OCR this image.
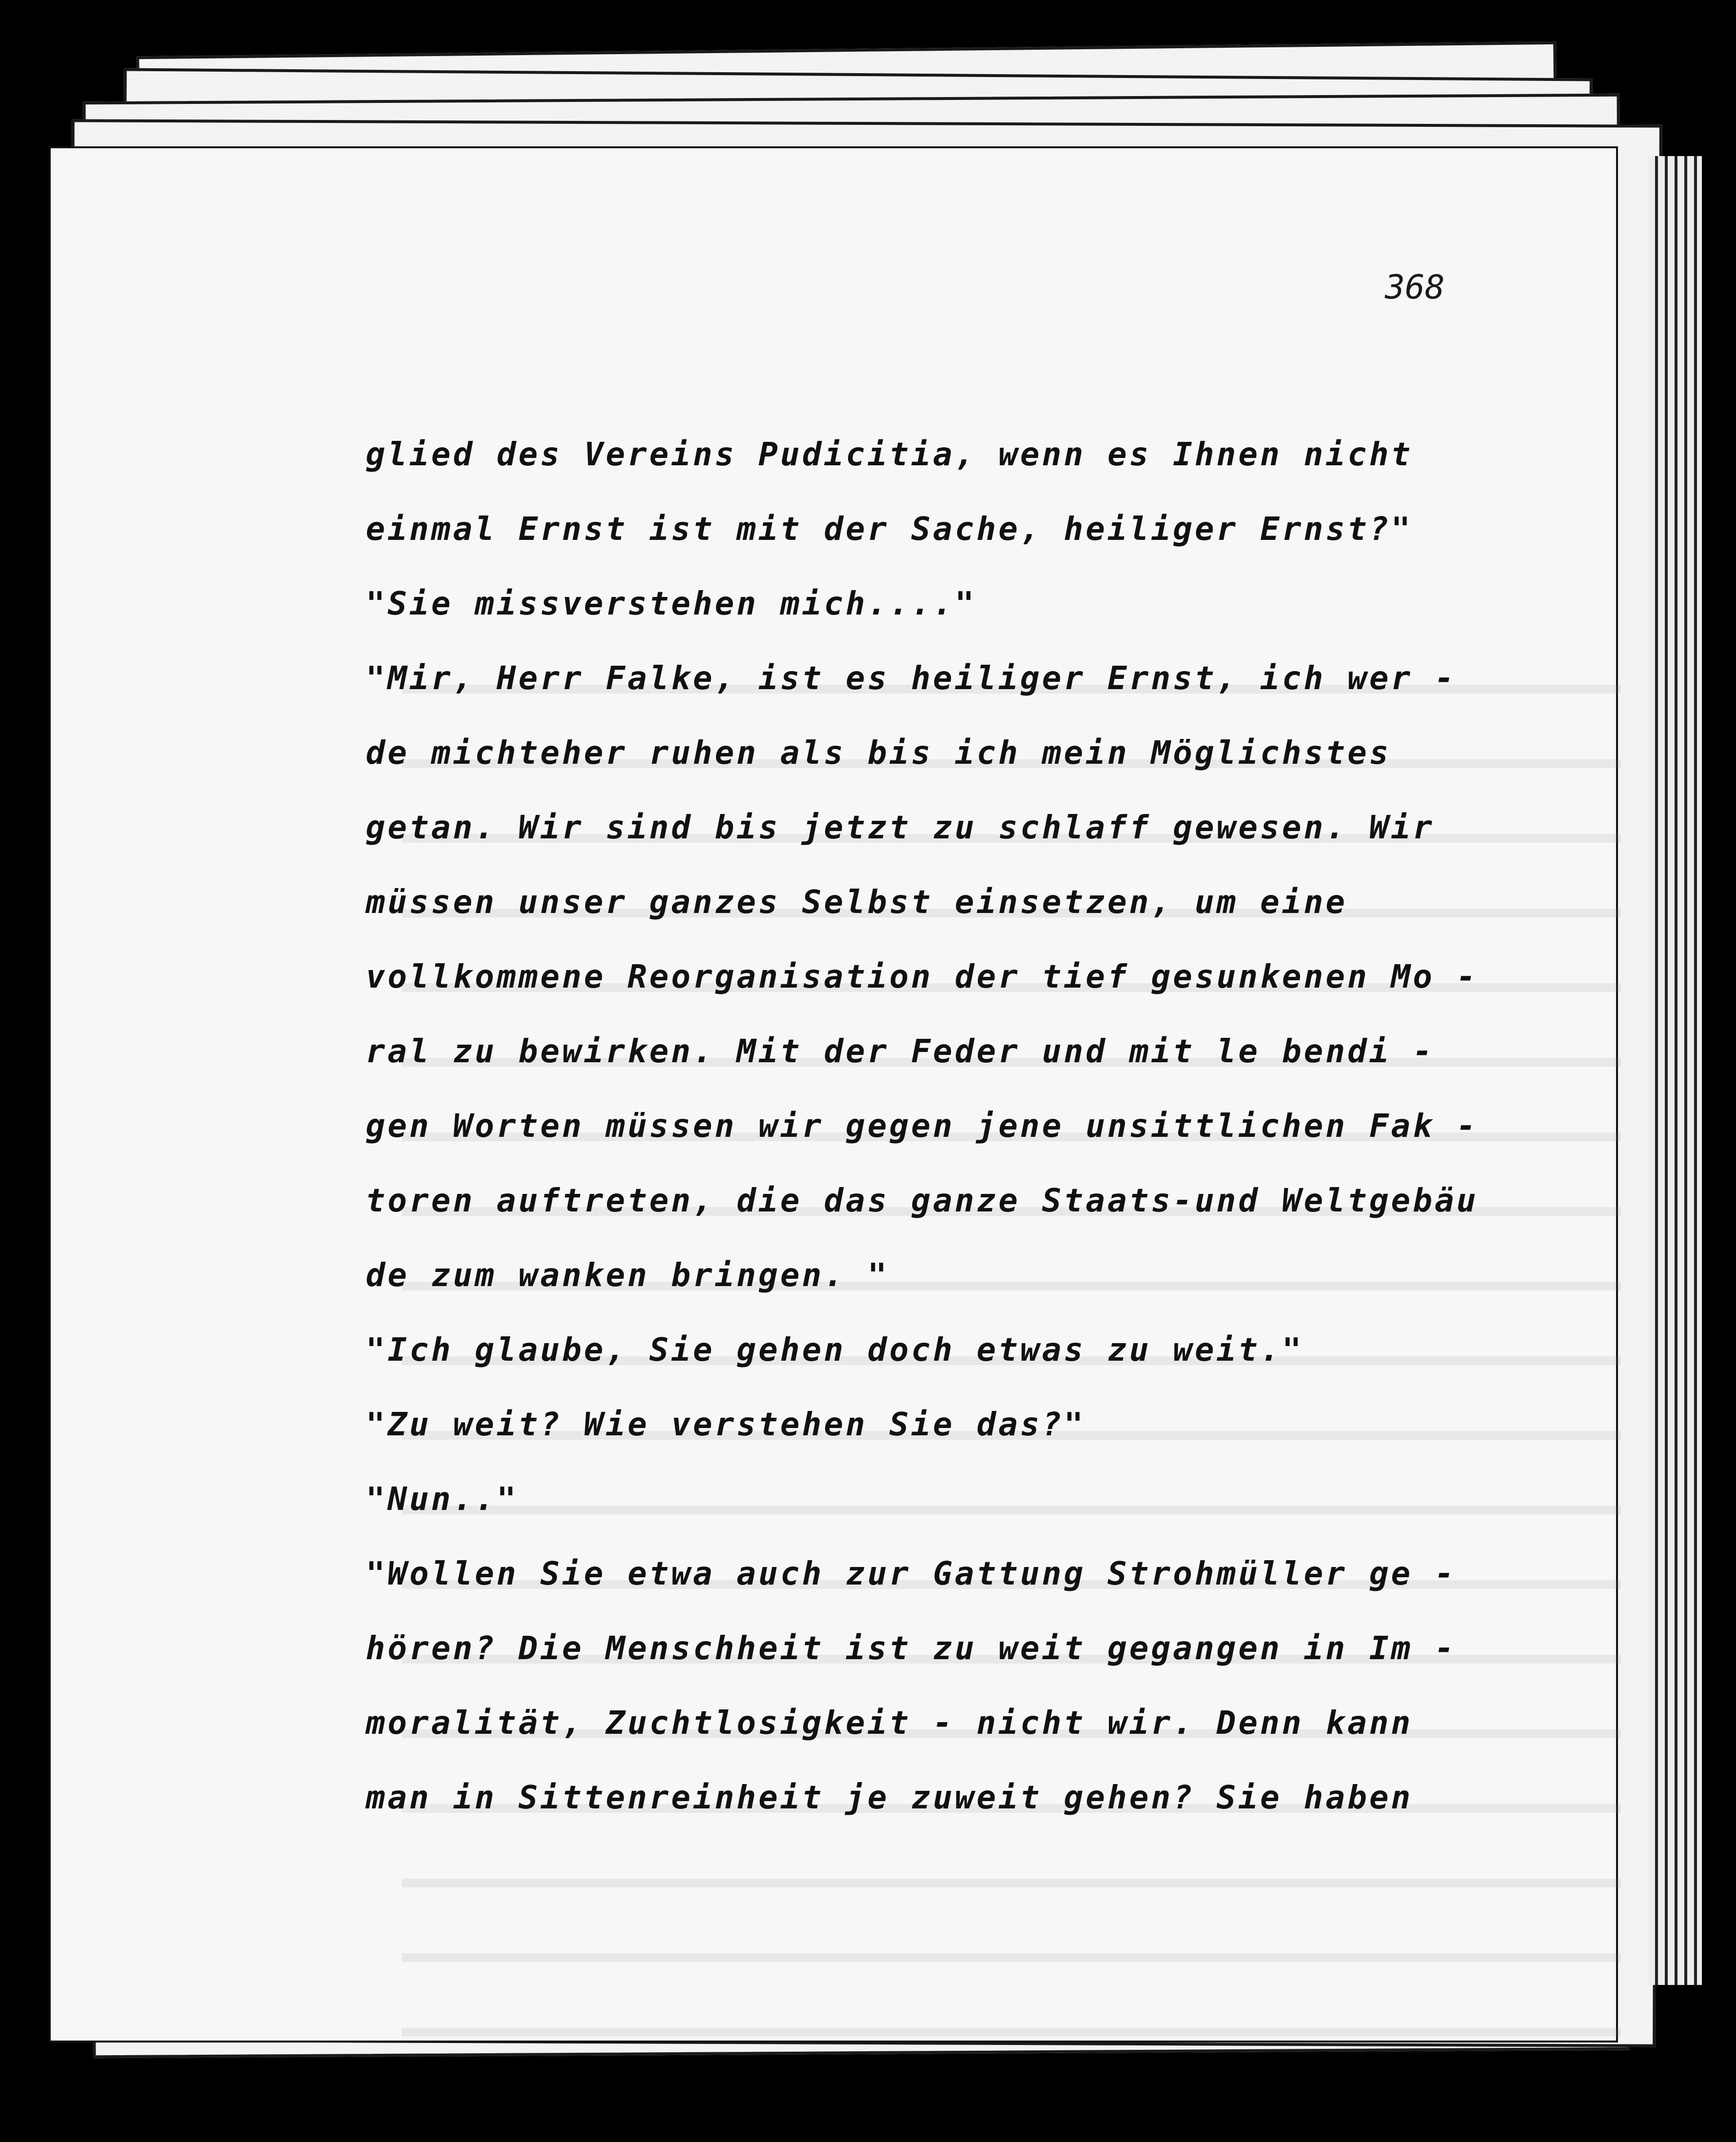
368
glied des Vereins Pudicitia, wenn es Ihnen nicht
einmal Ernst ist mit der Sache, heiliger Ernst?"
"Sie missverstehen mich...."
"Mir, Herr Falke, ist es heiliger Ernst, ich wer -
de michteher ruhen als bis ich mein Möglichstes
getan. Wir sind bis jetzt zu schlaff gewesen. Wir
müssen unser ganzes Selbst einsetzen, um eine
vollkommene Reorganisation der tief gesunkenen Mo -
ral zu bewirken. Mit der Feder und mit le bendi -
gen Worten müssen wir gegen jene unsittlichen Fak -
toren auftreten, die das ganze Staats-und Weltgebäu
de zum wanken bringen. "
"Ich glaube, Sie gehen doch etwas zu weit."
"Zu weit? Wie verstehen Sie das?"
"Nun.."
"Wollen Sie etwa auch zur Gattung Strohmüller ge -
hören? Die Menschheit ist zu weit gegangen in Im -
moralität, Zuchtlosigkeit - nicht wir. Denn kann
man in Sittenreinheit je zuweit gehen? Sie haben
